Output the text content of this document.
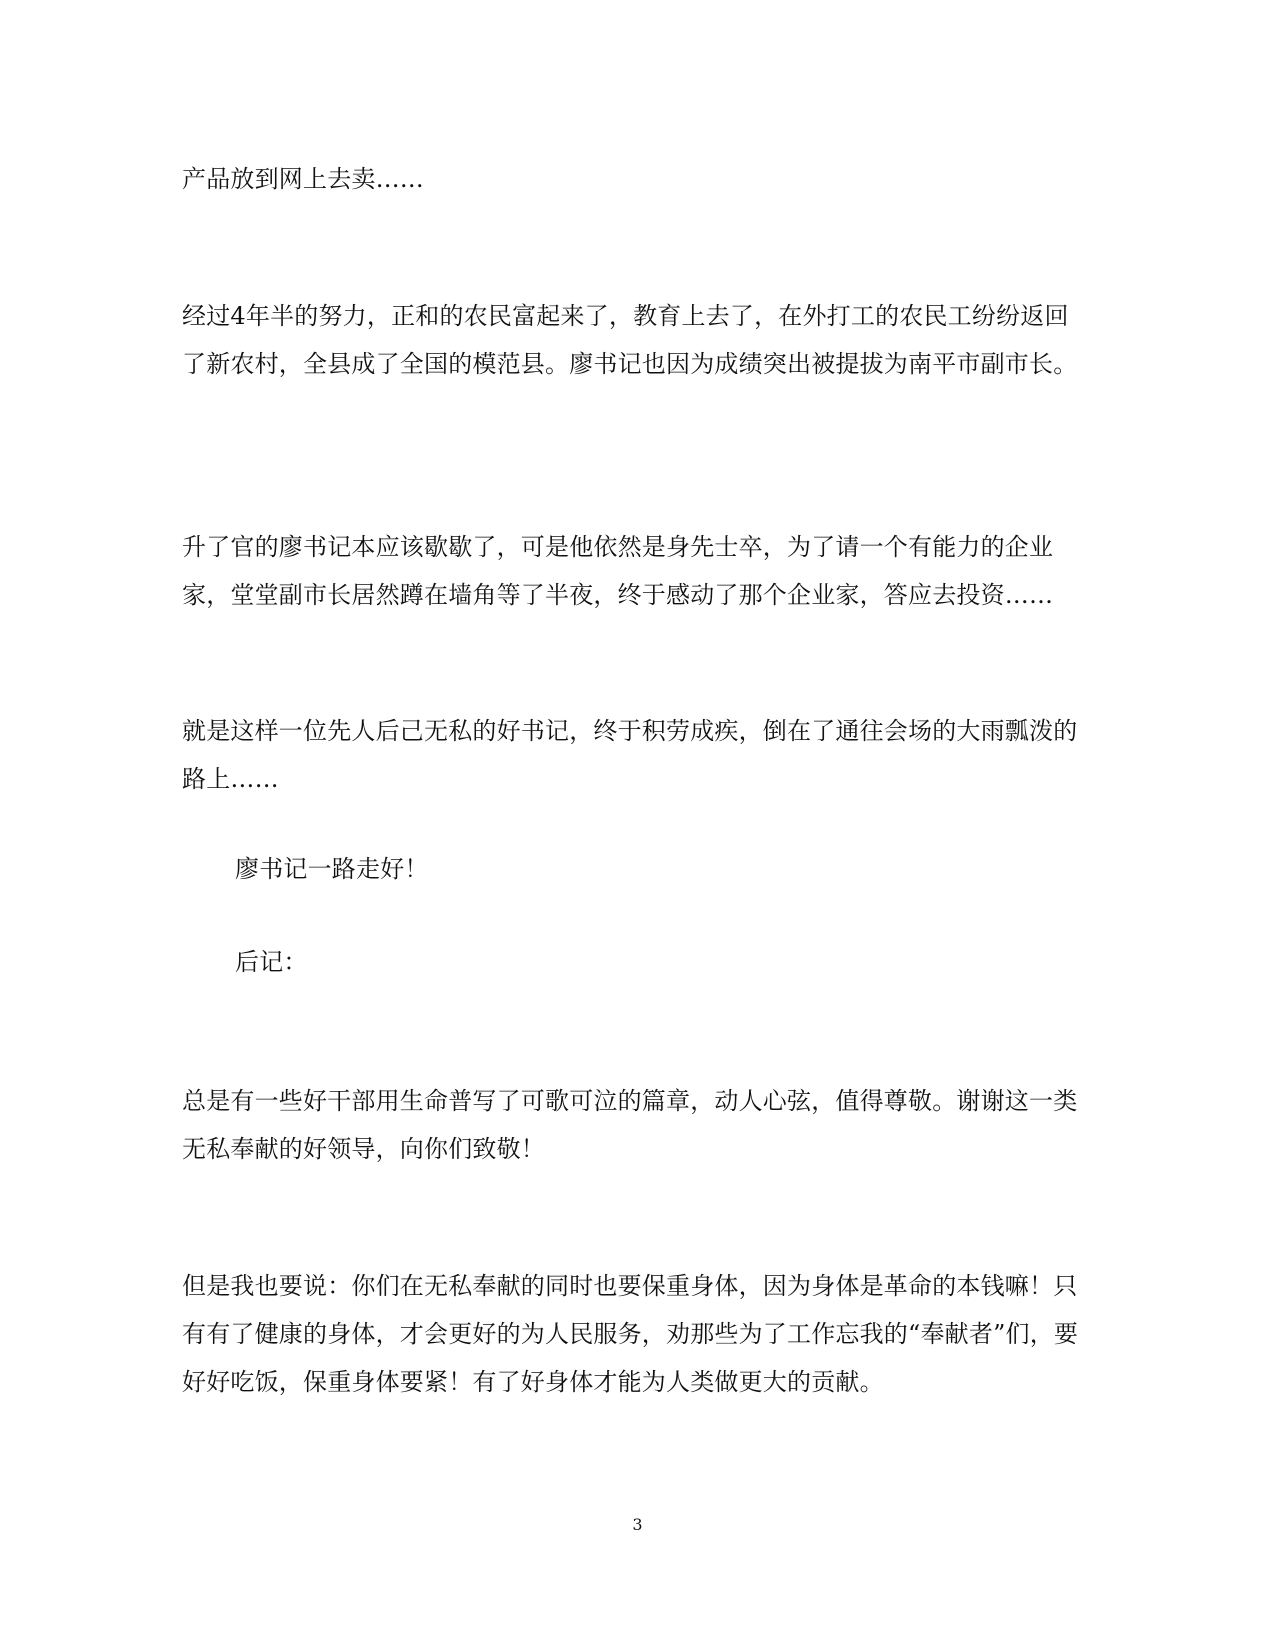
产品放到网上去卖……

经过4年半的努力，正和的农民富起来了，教育上去了，在外打工的农民工纷纷返回了新农村，全县成了全国的模范县。廖书记也因为成绩突出被提拔为南平市副市长。

升了官的廖书记本应该歇歇了，可是他依然是身先士卒，为了请一个有能力的企业家，堂堂副市长居然蹲在墙角等了半夜，终于感动了那个企业家，答应去投资……

就是这样一位先人后己无私的好书记，终于积劳成疾，倒在了通往会场的大雨瓢泼的路上……

廖书记一路走好！

后记：

总是有一些好干部用生命普写了可歌可泣的篇章，动人心弦，值得尊敬。谢谢这一类无私奉献的好领导，向你们致敬！

但是我也要说：你们在无私奉献的同时也要保重身体，因为身体是革命的本钱嘛！只有有了健康的身体，才会更好的为人民服务，劝那些为了工作忘我的“奉献者”们，要好好吃饭，保重身体要紧！有了好身体才能为人类做更大的贡献。

3
